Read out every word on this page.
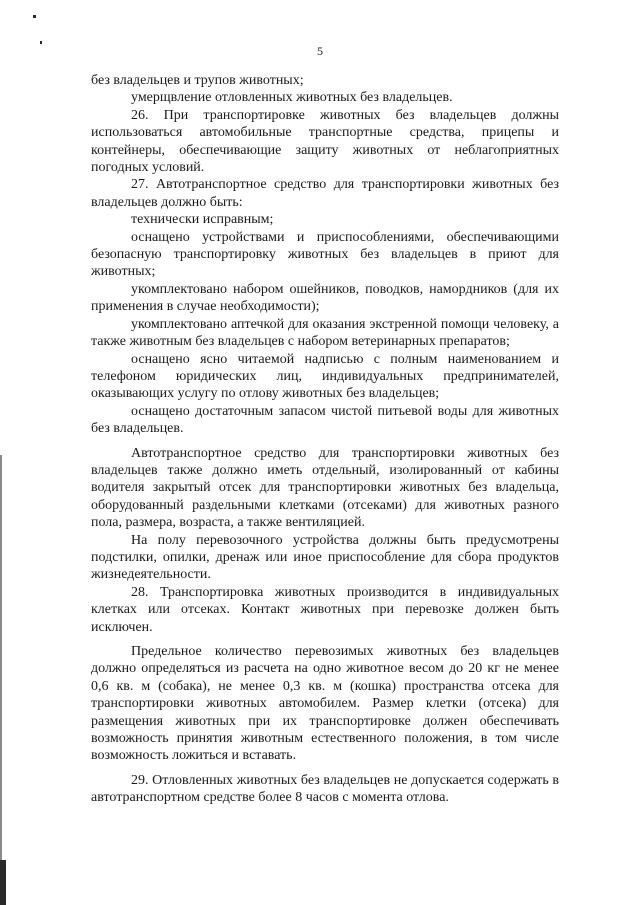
5

без владельцев и трупов животных;

умерщвление отловленных животных без владельцев.

26. При транспортировке животных без владельцев должны использоваться автомобильные транспортные средства, прицепы и контейнеры, обеспечивающие защиту животных от неблагоприятных погодных условий.

27. Автотранспортное средство для транспортировки животных без владельцев должно быть:

технически исправным;

оснащено устройствами и приспособлениями, обеспечивающими безопасную транспортировку животных без владельцев в приют для животных;

укомплектовано набором ошейников, поводков, намордников (для их применения в случае необходимости);

укомплектовано аптечкой для оказания экстренной помощи человеку, а также животным без владельцев с набором ветеринарных препаратов;

оснащено ясно читаемой надписью с полным наименованием и телефоном юридических лиц, индивидуальных предпринимателей, оказывающих услугу по отлову животных без владельцев;

оснащено достаточным запасом чистой питьевой воды для животных без владельцев.

Автотранспортное средство для транспортировки животных без владельцев также должно иметь отдельный, изолированный от кабины водителя закрытый отсек для транспортировки животных без владельца, оборудованный раздельными клетками (отсеками) для животных разного пола, размера, возраста, а также вентиляцией.

На полу перевозочного устройства должны быть предусмотрены подстилки, опилки, дренаж или иное приспособление для сбора продуктов жизнедеятельности.

28. Транспортировка животных производится в индивидуальных клетках или отсеках. Контакт животных при перевозке должен быть исключен.

Предельное количество перевозимых животных без владельцев должно определяться из расчета на одно животное весом до 20 кг не менее 0,6 кв. м (собака), не менее 0,3 кв. м (кошка) пространства отсека для транспортировки животных автомобилем. Размер клетки (отсека) для размещения животных при их транспортировке должен обеспечивать возможность принятия животным естественного положения, в том числе возможность ложиться и вставать.

29. Отловленных животных без владельцев не допускается содержать в автотранспортном средстве более 8 часов с момента отлова.
